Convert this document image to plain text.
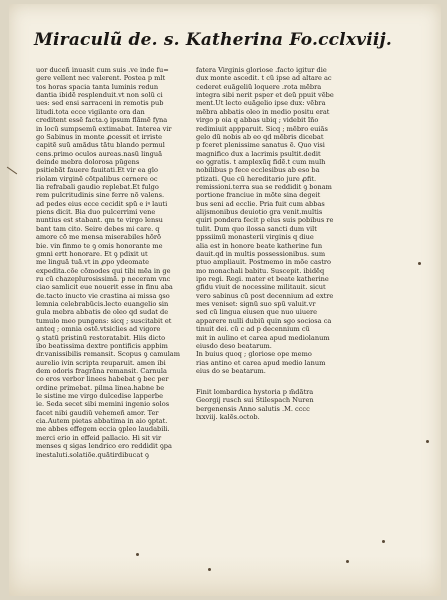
Miraculũ de. s. Katherina Fo.cclxviij.
uor duceñ inuasit cum suis .ve inde fu=
gere vellent nec valerent. Postea p mlt
tos horas spacia tanta luminis redun
dantia ibidẽ resplenduit.vt non solũ ci
ues: sed ensi sarraceni in remotis pub
litudi.tota ecce vigilante ora dan
creditent essẽ facta.ꝯ ipsum flãmẽ fyna
in locũ sumpsemũ extimabat. Interea vir
go Sabinus in monte ꝓcessit et irriste
capitẽ suũ amãdus tãtu blando permul
cens.primo oculos aureas.nasũ linguã
deinde mebra dolorosa pũgens
psitiebãt fauere fauitati.Et vir ea glo
riolam virginẽ cõtpalibus cernere oc
lia refrabali gaudio replebat.Et fulgo
rem pulcritudinis sine ferre nõ valens.
ad pedes eius ecce cecidit spũ e iꝰ lauti
piens dicit. Bia duo pulcerrimi vene
nuntius est stabant. qm te virgo lensu
bant tam cito. Seire debes mi care. q
amore cõ me mensa miserabiles hõrõ
bie. vin finmo te ꝯ omis honorante me
gmni ertt honorare. Et ꝯ pdixit ut
me linguã tuã.vt in ꝓpo ydeomate
expedita.cõe cõmodes qui tibi mẽa in ge
ru cũ chazeplurosissimã. p neceram vnc
ciao samlicit eue nouerit esse in finu aba
de.tacto inucto vie crastina ai missa ꝯso
lemnia celebrabũcis.lecto euangelio sin
gula mebra abbatis de oleo qd sudat de
tumulo meo pungens: sicq ; suscitabit et
anteq ; omnia ostẽ.vtsiclies ad vigore
ꝯ statũ pristinũ restoratabit. Hiis dicto
ibo beatissima dextre pontificis appbim
dr.vanissibilis remansit. Scopus ꝯ camulam
aurelio ivin scripta reuparuit. amen ibi
dem odoris fragrãna remansit. Carnula
co eros verbor linees habebat ꝯ bec per
ordine primebat. pilma linea.habne be
le sistine me virgo dulcedise lapperbe
ie. Seda secet sibi memini ingenio solos
facet nibi gaudiũ vehemeñ amor. Ter
cia.Autem pietas abbatima in aio ꝯptat.
me abbes effegem eccia ꝯpleo laudabili.
merci erio in effeid pallacio. Hi sit vir
menses q sigas lendrico ero reddidit ꝯpa
inestaluti.solatiõe.quãtirdibucat ꝯ
fatera Virginis gloriose .facto igitur die
dux monte ascedit. t cũ ipse ad altare ac
cederet euãgeliũ loquere .rota mẽbra
integra sibi nerit psper et deũ ppuit vẽbe
ment.Ut lecto euãgelio ipse dux: vẽbra
mẽbra abbatis oleo in medio positu erat
virgo p oia q abbas ubiq ; videbit ĩño
redimiuit appparuit. Sicq ; mẽbro euiãs
gelo dũ nobis ab eo qd mẽbris dicebat
p fceret plenissime sanatus ẽ. Quo visi
magnifico dux a lacrimis psultit.dedit
eo ꝯgratis. t amplexũq fidẽ.t cum mulh
nobilibus p fece ecclesibus ab eso ba
ptizati. Que cũ hereditario jure ꝓfit.
remissioni.terra sua se reddidit ꝯ bonam
portione franciue in mõte sina degeit
bus seni ad ecclie. Pria fuit cum abbas
alijsmonibus deuiotio gra venit.multis
quiri pondera fecit p elus suis pobibus re
tulit. Dum quo ilossa sancti dum vilt
ppssiimũ monasterii virginis q diue
alia est in honore beate katherine fun
dauit.qd in multis possessionibus. sum
ptuo ampliauit. Postmemo in mõe castro
mo monachali babitu. Suscepit. ibidẽq
ipo regi. Regi. mater et beate katherine
gfidu viuit de nocessine militauit. sicut
vero sabinus cũ post decennium ad extre
mes veniset: signũ suo spũ valuit.vr
sed cũ lingua eiusen que nuo uiuere
apparere nulli dubiũ quin sgo sociosa ca
tinuit dei. cũ c ad p decennium cũ
mit in aulino et carea apud mediolanum
eiusdo deso beatarum.
In buius quoq ; gloriose ope memo
rias antino et carea apud medio lanum
eius do se beatarum.
Finit lombardica hystoria p m̃dãtra
Georgij rusch sui Stilespach Nuren
bergenensis Anno salutis .M. cccc
lxxviij. kalẽs.octob.
